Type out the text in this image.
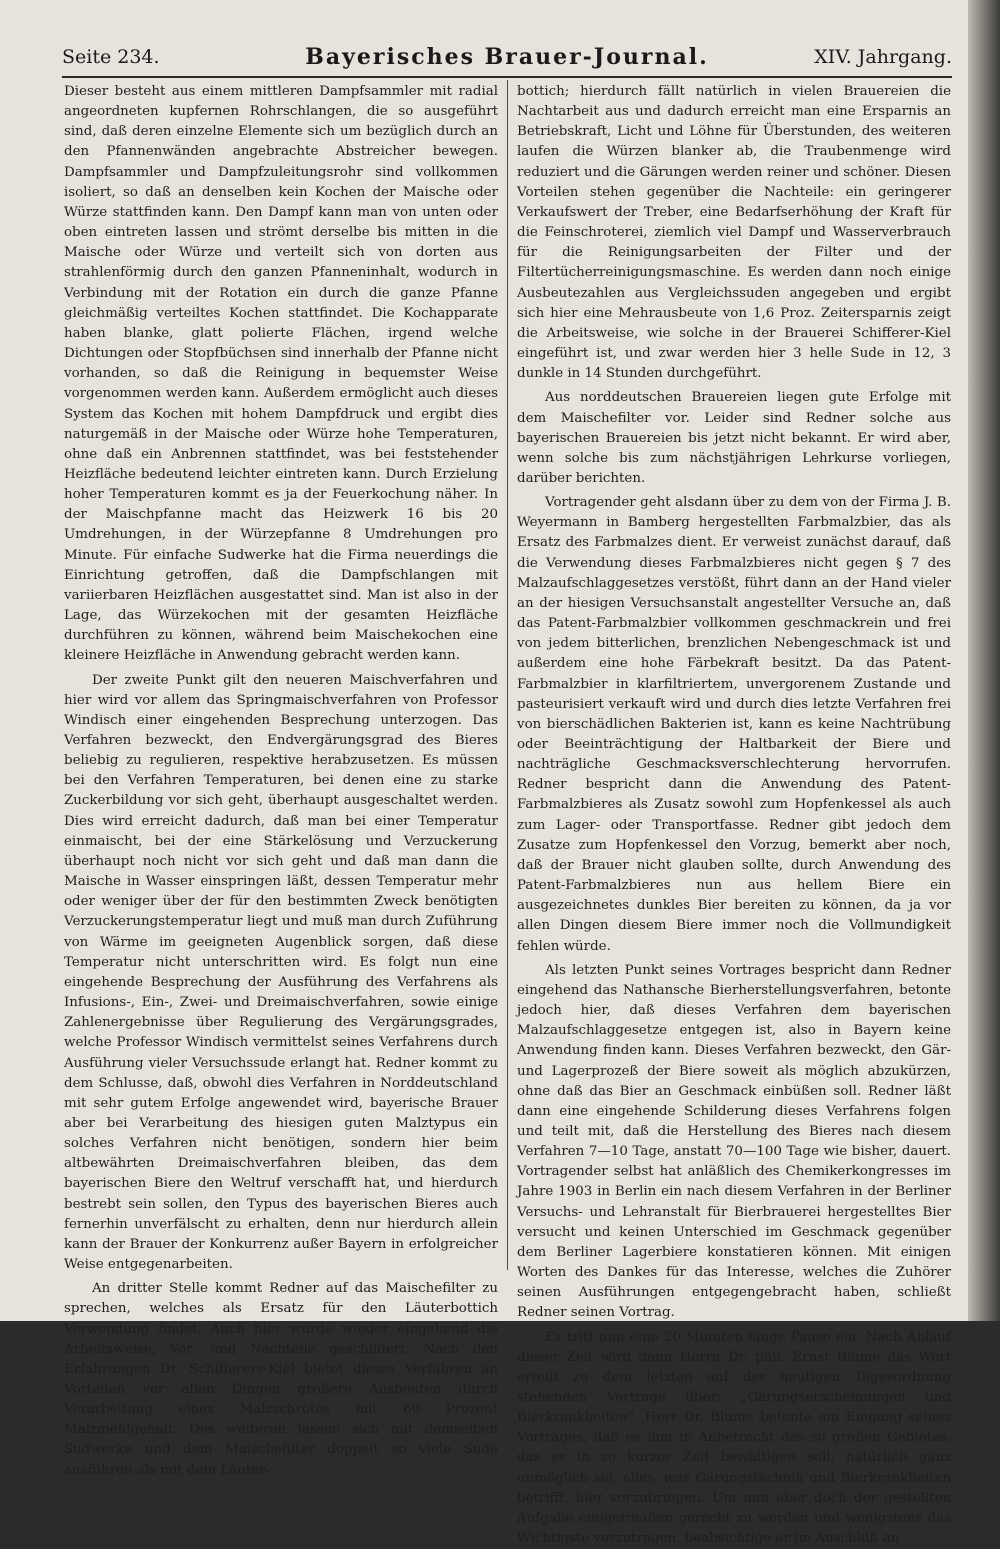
Seite 234.	Bayerisches Brauer-Journal.	XIV. Jahrgang.

Dieser besteht aus einem mittleren Dampfsammler mit radial angeordneten kupfernen Rohrschlangen, die so ausgeführt sind, daß deren einzelne Elemente sich um bezüglich durch an den Pfannenwänden angebrachte Abstreicher bewegen. Dampfsammler und Dampfzuleitungsrohr sind vollkommen isoliert, so daß an denselben kein Kochen der Maische oder Würze stattfinden kann. Den Dampf kann man von unten oder oben eintreten lassen und strömt derselbe bis mitten in die Maische oder Würze und verteilt sich von dorten aus strahlenförmig durch den ganzen Pfanneninhalt, wodurch in Verbindung mit der Rotation ein durch die ganze Pfanne gleichmäßig verteiltes Kochen stattfindet. Die Kochapparate haben blanke, glatt polierte Flächen, irgend welche Dichtungen oder Stopfbüchsen sind innerhalb der Pfanne nicht vorhanden, so daß die Reinigung in bequemster Weise vorgenommen werden kann. Außerdem ermöglicht auch dieses System das Kochen mit hohem Dampfdruck und ergibt dies naturgemäß in der Maische oder Würze hohe Temperaturen, ohne daß ein Anbrennen stattfindet, was bei feststehender Heizfläche bedeutend leichter eintreten kann. Durch Erzielung hoher Temperaturen kommt es ja der Feuerkochung näher. In der Maischpfanne macht das Heizwerk 16 bis 20 Umdrehungen, in der Würzepfanne 8 Umdrehungen pro Minute. Für einfache Sudwerke hat die Firma neuerdings die Einrichtung getroffen, daß die Dampfschlangen mit variierbaren Heizflächen ausgestattet sind. Man ist also in der Lage, das Würzekochen mit der gesamten Heizfläche durchführen zu können, während beim Maischekochen eine kleinere Heizfläche in Anwendung gebracht werden kann.

Der zweite Punkt gilt den neueren Maischverfahren und hier wird vor allem das Springmaischverfahren von Professor Windisch einer eingehenden Besprechung unterzogen. Das Verfahren bezweckt, den Endvergärungsgrad des Bieres beliebig zu regulieren, respektive herabzusetzen. Es müssen bei den Verfahren Temperaturen, bei denen eine zu starke Zuckerbildung vor sich geht, überhaupt ausgeschaltet werden. Dies wird erreicht dadurch, daß man bei einer Temperatur einmaischt, bei der eine Stärkelösung und Verzuckerung überhaupt noch nicht vor sich geht und daß man dann die Maische in Wasser einspringen läßt, dessen Temperatur mehr oder weniger über der für den bestimmten Zweck benötigten Verzuckerungstemperatur liegt und muß man durch Zuführung von Wärme im geeigneten Augenblick sorgen, daß diese Temperatur nicht unterschritten wird. Es folgt nun eine eingehende Besprechung der Ausführung des Verfahrens als Infusions-, Ein-, Zwei- und Dreimaischverfahren, sowie einige Zahlenergebnisse über Regulierung des Vergärungsgrades, welche Professor Windisch vermittelst seines Verfahrens durch Ausführung vieler Versuchssude erlangt hat. Redner kommt zu dem Schlusse, daß, obwohl dies Verfahren in Norddeutschland mit sehr gutem Erfolge angewendet wird, bayerische Brauer aber bei Verarbeitung des hiesigen guten Malztypus ein solches Verfahren nicht benötigen, sondern hier beim altbewährten Dreimaischverfahren bleiben, das dem bayerischen Biere den Weltruf verschafft hat, und hierdurch bestrebt sein sollen, den Typus des bayerischen Bieres auch fernerhin unverfälscht zu erhalten, denn nur hierdurch allein kann der Brauer der Konkurrenz außer Bayern in erfolgreicher Weise entgegenarbeiten.

An dritter Stelle kommt Redner auf das Maischefilter zu sprechen, welches als Ersatz für den Läuterbottich Verwendung findet. Auch hier wurde wieder eingehend die Arbeitsweise, Vor- und Nachteile geschildert. Nach den Erfahrungen Dr. Schifferers-Kiel bietet dieses Verfahren an Vorteilen vor allen Dingen größere Ausbeuten durch Verarbeitung eines Malzschrotes mit 60 Prozent Malzmehlgehalt. Des weiteren lassen sich mit demselben Sudwerke und dem Maischefilter doppelt so viele Sude ausführen als mit dem Läuter-

bottich; hierdurch fällt natürlich in vielen Brauereien die Nachtarbeit aus und dadurch erreicht man eine Ersparnis an Betriebskraft, Licht und Löhne für Überstunden, des weiteren laufen die Würzen blanker ab, die Traubenmenge wird reduziert und die Gärungen werden reiner und schöner. Diesen Vorteilen stehen gegenüber die Nachteile: ein geringerer Verkaufswert der Treber, eine Bedarfserhöhung der Kraft für die Feinschroterei, ziemlich viel Dampf und Wasserverbrauch für die Reinigungsarbeiten der Filter und der Filtertücherreinigungsmaschine. Es werden dann noch einige Ausbeutezahlen aus Vergleichssuden angegeben und ergibt sich hier eine Mehrausbeute von 1,6 Proz. Zeitersparnis zeigt die Arbeitsweise, wie solche in der Brauerei Schifferer-Kiel eingeführt ist, und zwar werden hier 3 helle Sude in 12, 3 dunkle in 14 Stunden durchgeführt.

Aus norddeutschen Brauereien liegen gute Erfolge mit dem Maischefilter vor. Leider sind Redner solche aus bayerischen Brauereien bis jetzt nicht bekannt. Er wird aber, wenn solche bis zum nächstjährigen Lehrkurse vorliegen, darüber berichten.

Vortragender geht alsdann über zu dem von der Firma J. B. Weyermann in Bamberg hergestellten Farbmalzbier, das als Ersatz des Farbmalzes dient. Er verweist zunächst darauf, daß die Verwendung dieses Farbmalzbieres nicht gegen § 7 des Malzaufschlaggesetzes verstößt, führt dann an der Hand vieler an der hiesigen Versuchsanstalt angestellter Versuche an, daß das Patent-Farbmalzbier vollkommen geschmackrein und frei von jedem bitterlichen, brenzlichen Nebengeschmack ist und außerdem eine hohe Färbekraft besitzt. Da das Patent-Farbmalzbier in klarfiltriertem, unvergorenem Zustande und pasteurisiert verkauft wird und durch dies letzte Verfahren frei von bierschädlichen Bakterien ist, kann es keine Nachtrübung oder Beeinträchtigung der Haltbarkeit der Biere und nachträgliche Geschmacksverschlechterung hervorrufen. Redner bespricht dann die Anwendung des Patent-Farbmalzbieres als Zusatz sowohl zum Hopfenkessel als auch zum Lager- oder Transportfasse. Redner gibt jedoch dem Zusatze zum Hopfenkessel den Vorzug, bemerkt aber noch, daß der Brauer nicht glauben sollte, durch Anwendung des Patent-Farbmalzbieres nun aus hellem Biere ein ausgezeichnetes dunkles Bier bereiten zu können, da ja vor allen Dingen diesem Biere immer noch die Vollmundigkeit fehlen würde.

Als letzten Punkt seines Vortrages bespricht dann Redner eingehend das Nathansche Bierherstellungsverfahren, betonte jedoch hier, daß dieses Verfahren dem bayerischen Malzaufschlaggesetze entgegen ist, also in Bayern keine Anwendung finden kann. Dieses Verfahren bezweckt, den Gär- und Lagerprozeß der Biere soweit als möglich abzukürzen, ohne daß das Bier an Geschmack einbüßen soll. Redner läßt dann eine eingehende Schilderung dieses Verfahrens folgen und teilt mit, daß die Herstellung des Bieres nach diesem Verfahren 7—10 Tage, anstatt 70—100 Tage wie bisher, dauert. Vortragender selbst hat anläßlich des Chemikerkongresses im Jahre 1903 in Berlin ein nach diesem Verfahren in der Berliner Versuchs- und Lehranstalt für Bierbrauerei hergestelltes Bier versucht und keinen Unterschied im Geschmack gegenüber dem Berliner Lagerbiere konstatieren können. Mit einigen Worten des Dankes für das Interesse, welches die Zuhörer seinen Ausführungen entgegengebracht haben, schließt Redner seinen Vortrag.

Es tritt nun eine 20 Minuten lange Pause ein. Nach Ablauf dieser Zeit wird dann Herrn Dr. phil. Ernst Blume das Wort erteilt zu dem letzten auf der heutigen Tagesordnung stehenden Vortrage über: „Gärungserscheinungen und Bierkrankheiten“. Herr Dr. Blume betonte am Eingang seines Vortrages, daß es ihm in Anbetracht des so großen Gebietes, das er in so kurzer Zeit bewältigen soll, natürlich ganz unmöglich sei, alles, was Gärungstechnik und Bierkrankheiten betrifft, hier vorzubringen. Um nun aber doch der gestellten Aufgabe einigermaßen gerecht zu werden und wenigstens das Wichtigste vorzutragen, beabsichtige er im Anschluß an
